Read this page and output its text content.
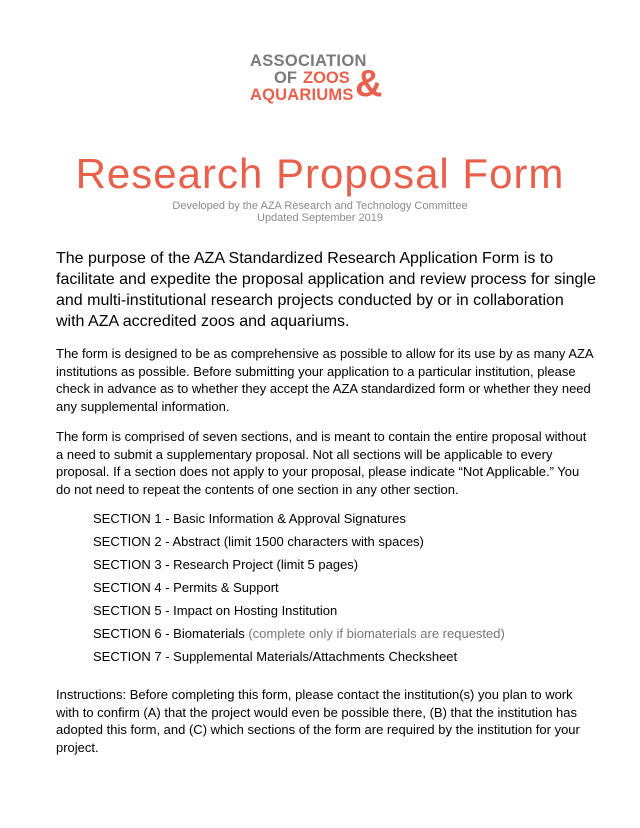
ASSOCIATION
OF ZOOS
AQUARIUMS &
Research Proposal Form
Developed by the AZA Research and Technology Committee
Updated September 2019
The purpose of the AZA Standardized Research Application Form is to facilitate and expedite the proposal application and review process for single and multi-institutional research projects conducted by or in collaboration with AZA accredited zoos and aquariums.
The form is designed to be as comprehensive as possible to allow for its use by as many AZA institutions as possible. Before submitting your application to a particular institution, please check in advance as to whether they accept the AZA standardized form or whether they need any supplemental information.
The form is comprised of seven sections, and is meant to contain the entire proposal without a need to submit a supplementary proposal. Not all sections will be applicable to every proposal. If a section does not apply to your proposal, please indicate “Not Applicable.” You do not need to repeat the contents of one section in any other section.
SECTION 1 - Basic Information & Approval Signatures
SECTION 2 - Abstract (limit 1500 characters with spaces)
SECTION 3 - Research Project (limit 5 pages)
SECTION 4 - Permits & Support
SECTION 5 - Impact on Hosting Institution
SECTION 6 - Biomaterials (complete only if biomaterials are requested)
SECTION 7 - Supplemental Materials/Attachments Checksheet
Instructions: Before completing this form, please contact the institution(s) you plan to work with to confirm (A) that the project would even be possible there, (B) that the institution has adopted this form, and (C) which sections of the form are required by the institution for your project.
